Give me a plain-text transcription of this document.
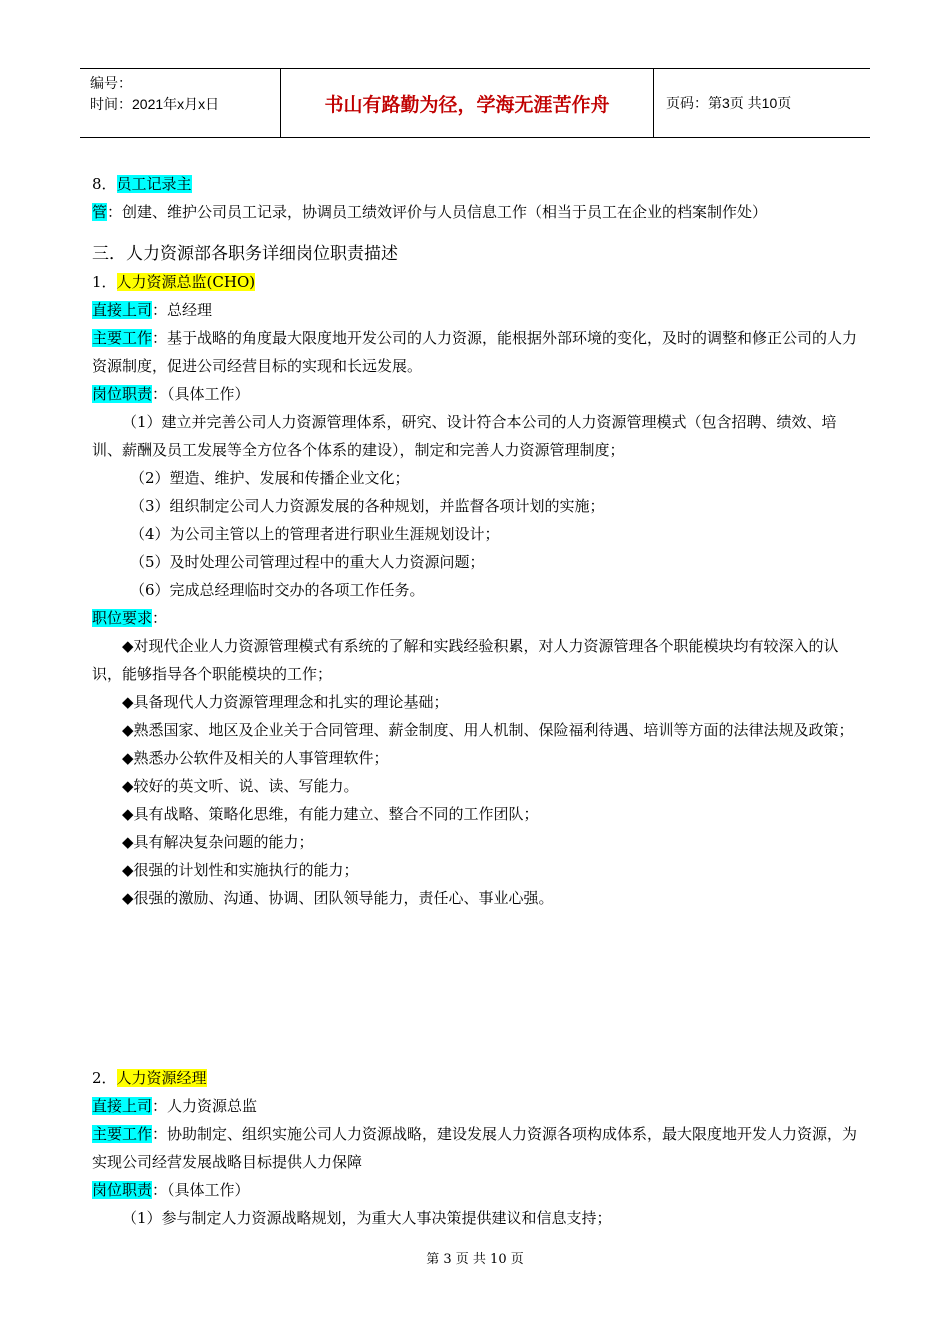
编号：
时间：2021年x月x日	书山有路勤为径，学海无涯苦作舟	页码：第3页 共10页

8．员工记录主管：创建、维护公司员工记录，协调员工绩效评价与人员信息工作（相当于员工在企业的档案制作处）

三．人力资源部各职务详细岗位职责描述

1．人力资源总监(CHO)

直接上司：总经理

主要工作：基于战略的角度最大限度地开发公司的人力资源，能根据外部环境的变化，及时的调整和修正公司的人力资源制度，促进公司经营目标的实现和长远发展。

岗位职责：（具体工作）

（1）建立并完善公司人力资源管理体系，研究、设计符合本公司的人力资源管理模式（包含招聘、绩效、培训、薪酬及员工发展等全方位各个体系的建设），制定和完善人力资源管理制度；

（2）塑造、维护、发展和传播企业文化；

（3）组织制定公司人力资源发展的各种规划，并监督各项计划的实施；

（4）为公司主管以上的管理者进行职业生涯规划设计；

（5）及时处理公司管理过程中的重大人力资源问题；

（6）完成总经理临时交办的各项工作任务。

职位要求：

◆对现代企业人力资源管理模式有系统的了解和实践经验积累，对人力资源管理各个职能模块均有较深入的认识，能够指导各个职能模块的工作；

◆具备现代人力资源管理理念和扎实的理论基础；

◆熟悉国家、地区及企业关于合同管理、薪金制度、用人机制、保险福利待遇、培训等方面的法律法规及政策；

◆熟悉办公软件及相关的人事管理软件；

◆较好的英文听、说、读、写能力。

◆具有战略、策略化思维，有能力建立、整合不同的工作团队；

◆具有解决复杂问题的能力；

◆很强的计划性和实施执行的能力；

◆很强的激励、沟通、协调、团队领导能力，责任心、事业心强。

2．人力资源经理

直接上司：人力资源总监

主要工作：协助制定、组织实施公司人力资源战略，建设发展人力资源各项构成体系，最大限度地开发人力资源，为实现公司经营发展战略目标提供人力保障

岗位职责：（具体工作）

（1）参与制定人力资源战略规划，为重大人事决策提供建议和信息支持；

第 3 页 共 10 页
